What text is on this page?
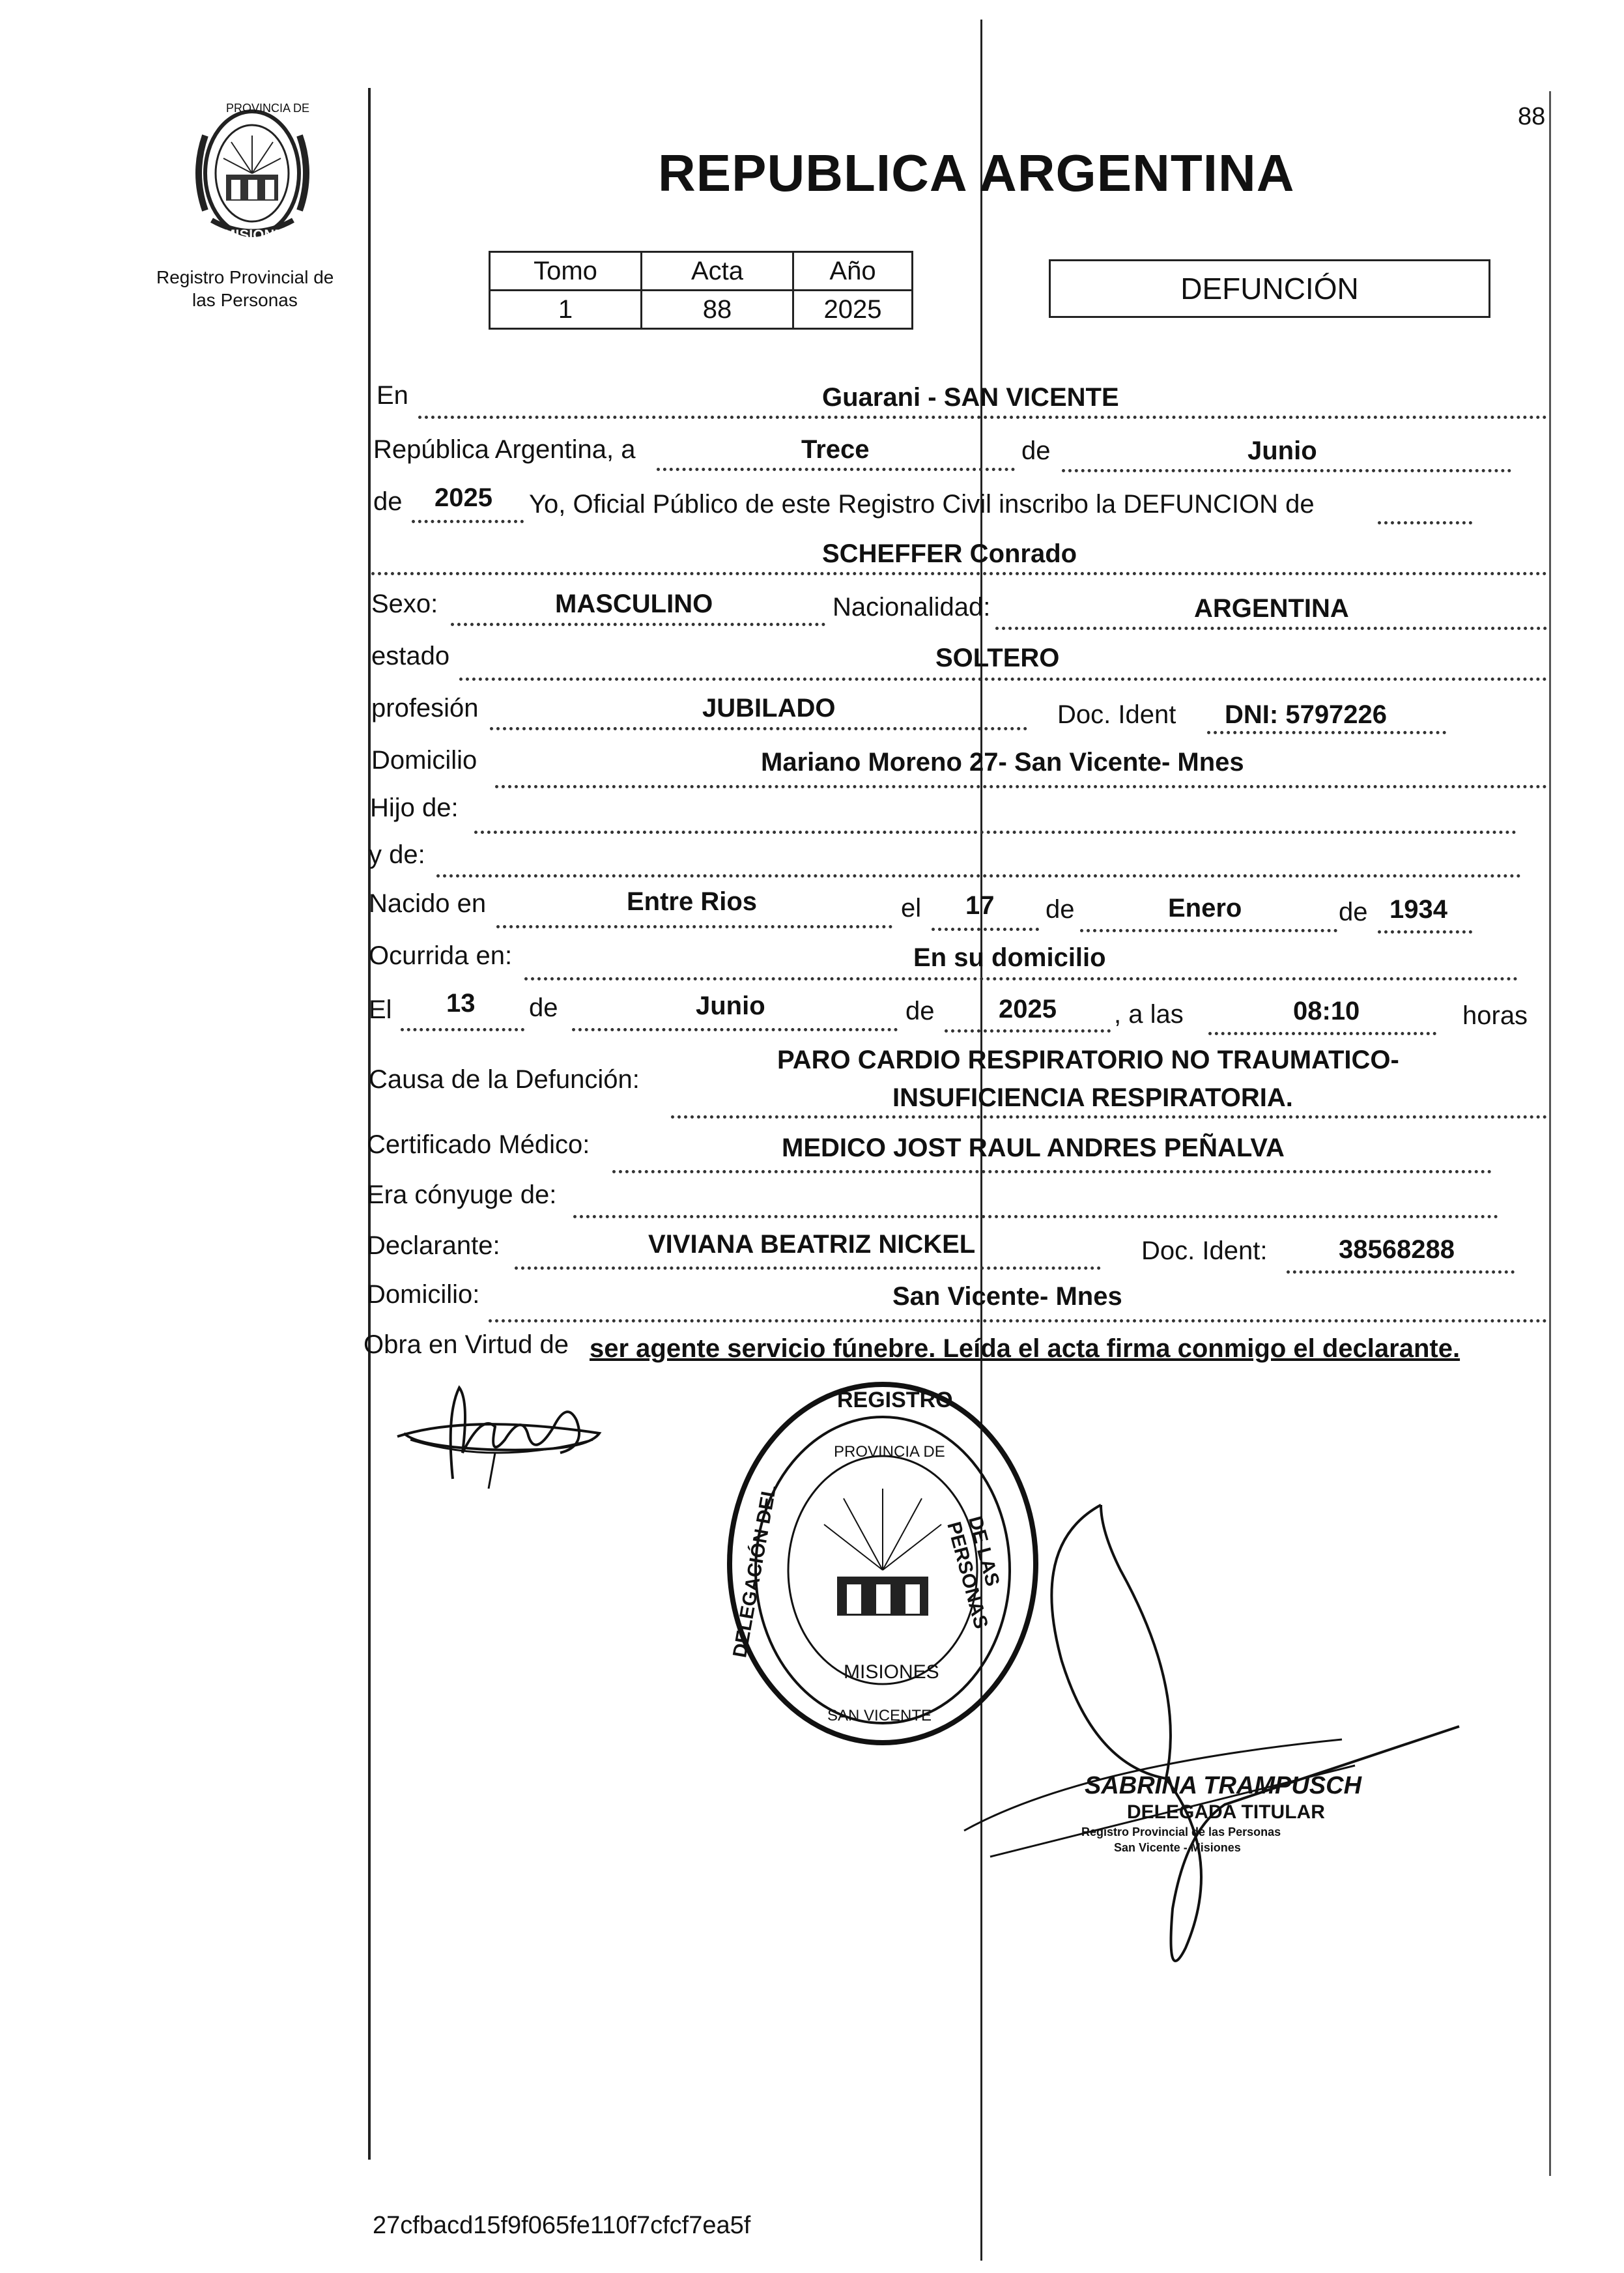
88
PROVINCIA DE
MISIONES
Registro Provincial de
las Personas
REPUBLICA ARGENTINA
Tomo	Acta	Año
1	88	2025
DEFUNCIÓN
En	Guarani - SAN VICENTE
República Argentina, a	Trece	de	Junio
de 2025 Yo, Oficial Público de este Registro Civil inscribo la DEFUNCION de
SCHEFFER Conrado
Sexo:	MASCULINO	Nacionalidad:	ARGENTINA
estado	SOLTERO
profesión	JUBILADO	Doc. Ident DNI: 5797226
Domicilio	Mariano Moreno 27- San Vicente- Mnes
Hijo de:
y de:
Nacido en	Entre Rios	el 17 de	Enero	de 1934
Ocurrida en:	En su domicilio
El 13 de	Junio	de 2025 , a las	08:10	horas
Causa de la Defunción:
PARO CARDIO RESPIRATORIO NO TRAUMATICO-
INSUFICIENCIA RESPIRATORIA.
Certificado Médico:	MEDICO JOST RAUL ANDRES PEÑALVA
Era cónyuge de:
Declarante:	VIVIANA BEATRIZ NICKEL	Doc. Ident:	38568288
Domicilio:	San Vicente- Mnes
Obra en Virtud de ser agente servicio fúnebre. Leída el acta firma conmigo el declarante.
REGISTRO
DELEGACIÓN DEL	DE LAS PERSONAS
PROVINCIA DE
MISIONES
SAN VICENTE
SABRINA TRAMPUSCH
DELEGADA TITULAR
Registro Provincial de las Personas
San Vicente - Misiones
27cfbacd15f9f065fe110f7cfcf7ea5f
